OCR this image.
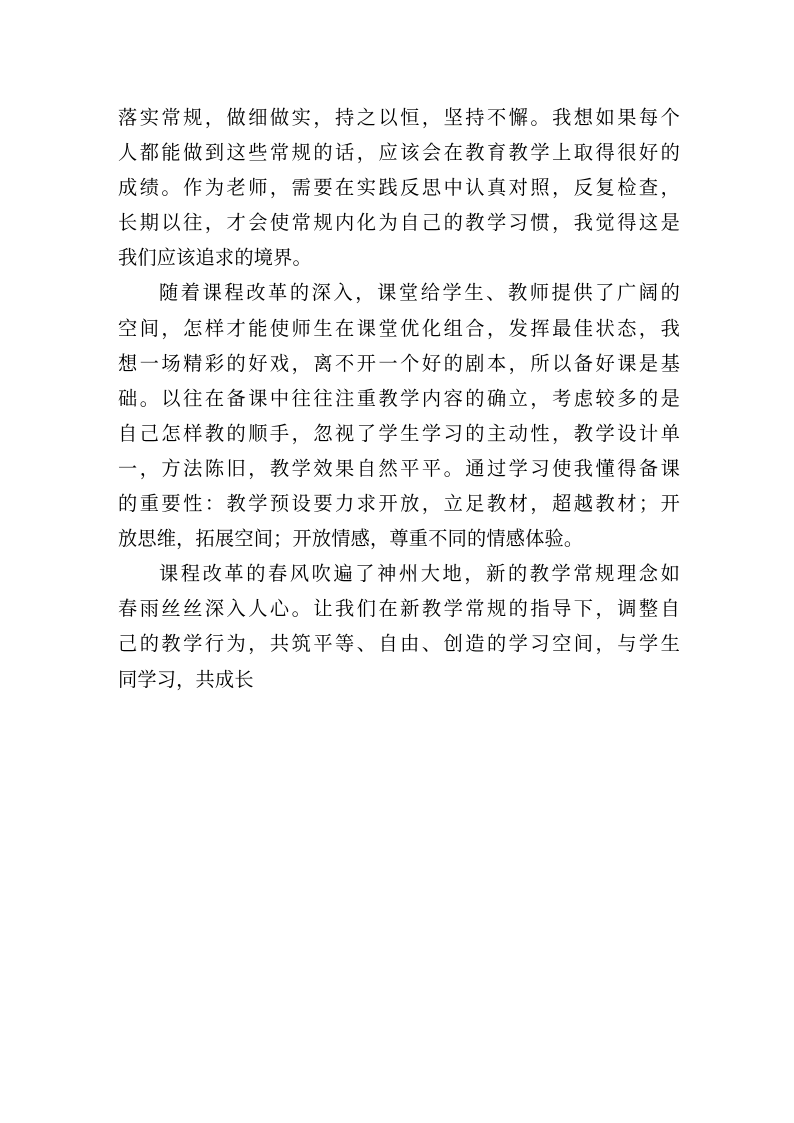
落实常规，做细做实，持之以恒，坚持不懈。我想如果每个
人都能做到这些常规的话，应该会在教育教学上取得很好的
成绩。作为老师，需要在实践反思中认真对照，反复检查，
长期以往，才会使常规内化为自己的教学习惯，我觉得这是
我们应该追求的境界。

随着课程改革的深入，课堂给学生、教师提供了广阔的
空间，怎样才能使师生在课堂优化组合，发挥最佳状态，我
想一场精彩的好戏，离不开一个好的剧本，所以备好课是基
础。以往在备课中往往注重教学内容的确立，考虑较多的是
自己怎样教的顺手，忽视了学生学习的主动性，教学设计单
一，方法陈旧，教学效果自然平平。通过学习使我懂得备课
的重要性：教学预设要力求开放，立足教材，超越教材；开
放思维，拓展空间；开放情感，尊重不同的情感体验。

课程改革的春风吹遍了神州大地，新的教学常规理念如
春雨丝丝深入人心。让我们在新教学常规的指导下，调整自
己的教学行为，共筑平等、自由、创造的学习空间，与学生
同学习，共成长
